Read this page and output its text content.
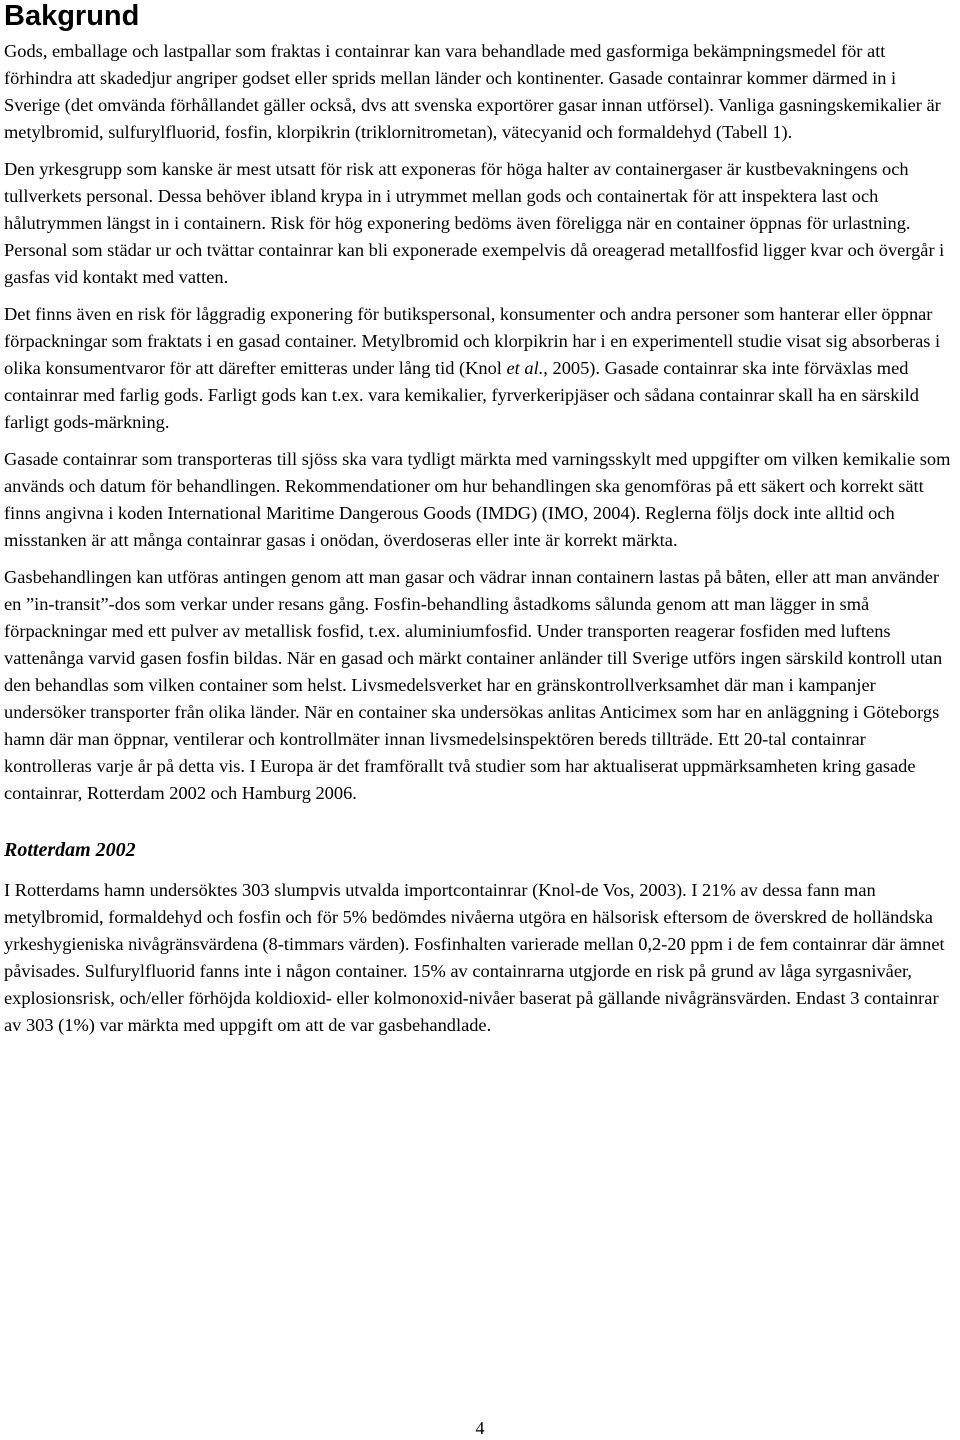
Bakgrund

Gods, emballage och lastpallar som fraktas i containrar kan vara behandlade med gasformiga bekämpningsmedel för att förhindra att skadedjur angriper godset eller sprids mellan länder och kontinenter. Gasade containrar kommer därmed in i Sverige (det omvända förhållandet gäller också, dvs att svenska exportörer gasar innan utförsel). Vanliga gasningskemikalier är metylbromid, sulfurylfluorid, fosfin, klorpikrin (triklornitrometan), vätecyanid och formaldehyd (Tabell 1).

Den yrkesgrupp som kanske är mest utsatt för risk att exponeras för höga halter av containergaser är kustbevakningens och tullverkets personal. Dessa behöver ibland krypa in i utrymmet mellan gods och containertak för att inspektera last och hålutrymmen längst in i containern. Risk för hög exponering bedöms även föreligga när en container öppnas för urlastning. Personal som städar ur och tvättar containrar kan bli exponerade exempelvis då oreagerad metallfosfid ligger kvar och övergår i gasfas vid kontakt med vatten.

Det finns även en risk för låggradig exponering för butikspersonal, konsumenter och andra personer som hanterar eller öppnar förpackningar som fraktats i en gasad container. Metylbromid och klorpikrin har i en experimentell studie visat sig absorberas i olika konsumentvaror för att därefter emitteras under lång tid (Knol et al., 2005). Gasade containrar ska inte förväxlas med containrar med farlig gods. Farligt gods kan t.ex. vara kemikalier, fyrverkeripjäser och sådana containrar skall ha en särskild farligt gods-märkning.

Gasade containrar som transporteras till sjöss ska vara tydligt märkta med varningsskylt med uppgifter om vilken kemikalie som används och datum för behandlingen. Rekommendationer om hur behandlingen ska genomföras på ett säkert och korrekt sätt finns angivna i koden International Maritime Dangerous Goods (IMDG) (IMO, 2004). Reglerna följs dock inte alltid och misstanken är att många containrar gasas i onödan, överdoseras eller inte är korrekt märkta.

Gasbehandlingen kan utföras antingen genom att man gasar och vädrar innan containern lastas på båten, eller att man använder en ”in-transit”-dos som verkar under resans gång. Fosfin-behandling åstadkoms sålunda genom att man lägger in små förpackningar med ett pulver av metallisk fosfid, t.ex. aluminiumfosfid. Under transporten reagerar fosfiden med luftens vattenånga varvid gasen fosfin bildas. När en gasad och märkt container anländer till Sverige utförs ingen särskild kontroll utan den behandlas som vilken container som helst. Livsmedelsverket har en gränskontrollverksamhet där man i kampanjer undersöker transporter från olika länder. När en container ska undersökas anlitas Anticimex som har en anläggning i Göteborgs hamn där man öppnar, ventilerar och kontrollmäter innan livsmedelsinspektören bereds tillträde. Ett 20-tal containrar kontrolleras varje år på detta vis. I Europa är det framförallt två studier som har aktualiserat uppmärksamheten kring gasade containrar, Rotterdam 2002 och Hamburg 2006.

Rotterdam 2002

I Rotterdams hamn undersöktes 303 slumpvis utvalda importcontainrar (Knol-de Vos, 2003). I 21% av dessa fann man metylbromid, formaldehyd och fosfin och för 5% bedömdes nivåerna utgöra en hälsorisk eftersom de överskred de holländska yrkeshygieniska nivågränsvärdena (8-timmars värden). Fosfinhalten varierade mellan 0,2-20 ppm i de fem containrar där ämnet påvisades. Sulfurylfluorid fanns inte i någon container. 15% av containrarna utgjorde en risk på grund av låga syrgasnivåer, explosionsrisk, och/eller förhöjda koldioxid- eller kolmonoxid-nivåer baserat på gällande nivågränsvärden. Endast 3 containrar av 303 (1%) var märkta med uppgift om att de var gasbehandlade.

4
